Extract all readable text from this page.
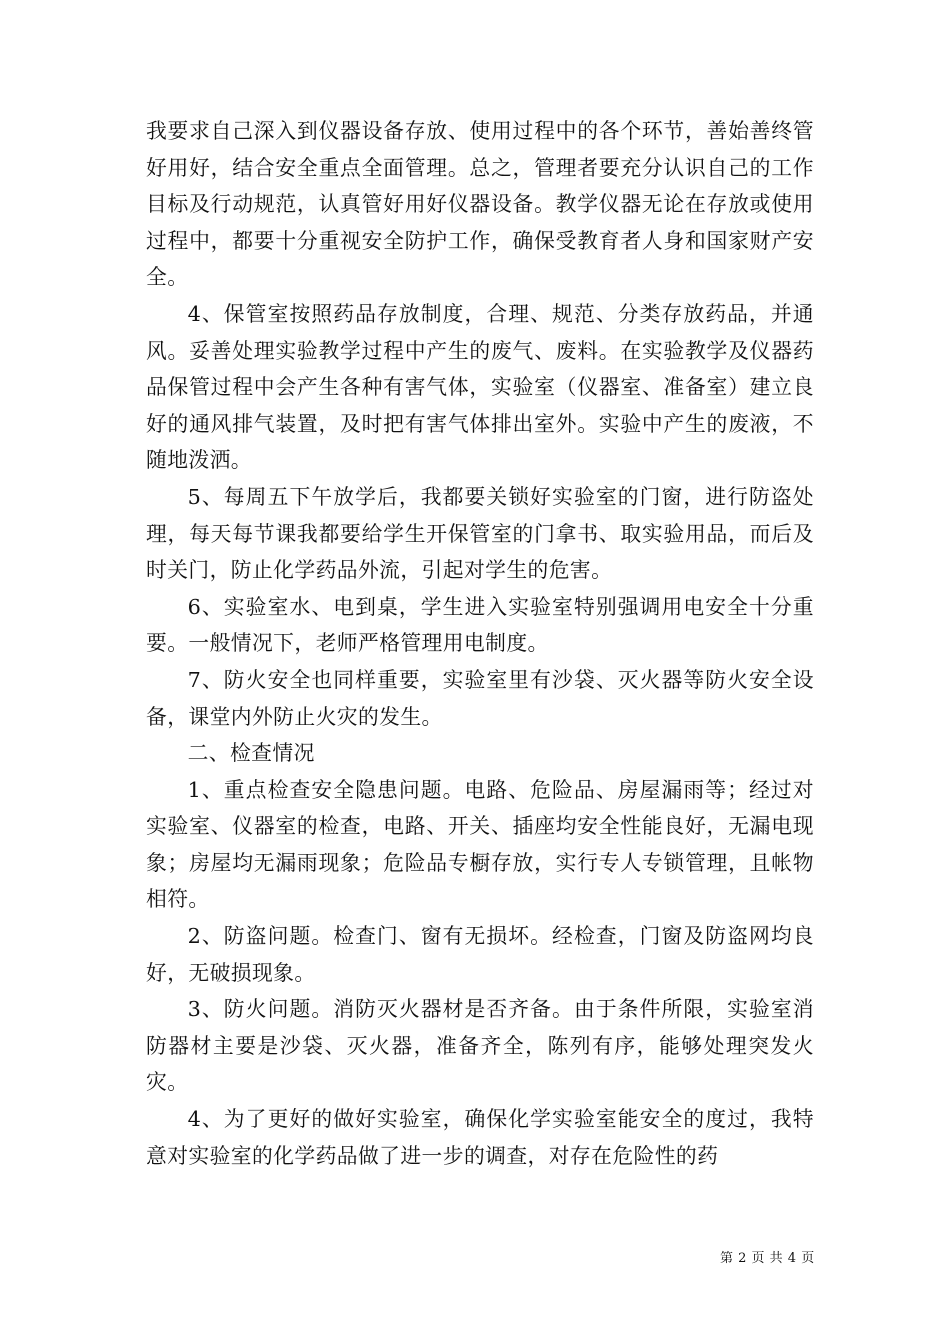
我要求自己深入到仪器设备存放、使用过程中的各个环节，善始善终管好用好，结合安全重点全面管理。总之，管理者要充分认识自己的工作目标及行动规范，认真管好用好仪器设备。教学仪器无论在存放或使用过程中，都要十分重视安全防护工作，确保受教育者人身和国家财产安全。

4、保管室按照药品存放制度，合理、规范、分类存放药品，并通风。妥善处理实验教学过程中产生的废气、废料。在实验教学及仪器药品保管过程中会产生各种有害气体，实验室（仪器室、准备室）建立良好的通风排气装置，及时把有害气体排出室外。实验中产生的废液，不随地泼洒。

5、每周五下午放学后，我都要关锁好实验室的门窗，进行防盗处理，每天每节课我都要给学生开保管室的门拿书、取实验用品，而后及时关门，防止化学药品外流，引起对学生的危害。

6、实验室水、电到桌，学生进入实验室特别强调用电安全十分重要。一般情况下，老师严格管理用电制度。

7、防火安全也同样重要，实验室里有沙袋、灭火器等防火安全设备，课堂内外防止火灾的发生。

二、检查情况

1、重点检查安全隐患问题。电路、危险品、房屋漏雨等；经过对实验室、仪器室的检查，电路、开关、插座均安全性能良好，无漏电现象；房屋均无漏雨现象；危险品专橱存放，实行专人专锁管理，且帐物相符。

2、防盗问题。检查门、窗有无损坏。经检查，门窗及防盗网均良好，无破损现象。

3、防火问题。消防灭火器材是否齐备。由于条件所限，实验室消防器材主要是沙袋、灭火器，准备齐全，陈列有序，能够处理突发火灾。

4、为了更好的做好实验室，确保化学实验室能安全的度过，我特意对实验室的化学药品做了进一步的调查，对存在危险性的药

第 2 页 共 4 页
